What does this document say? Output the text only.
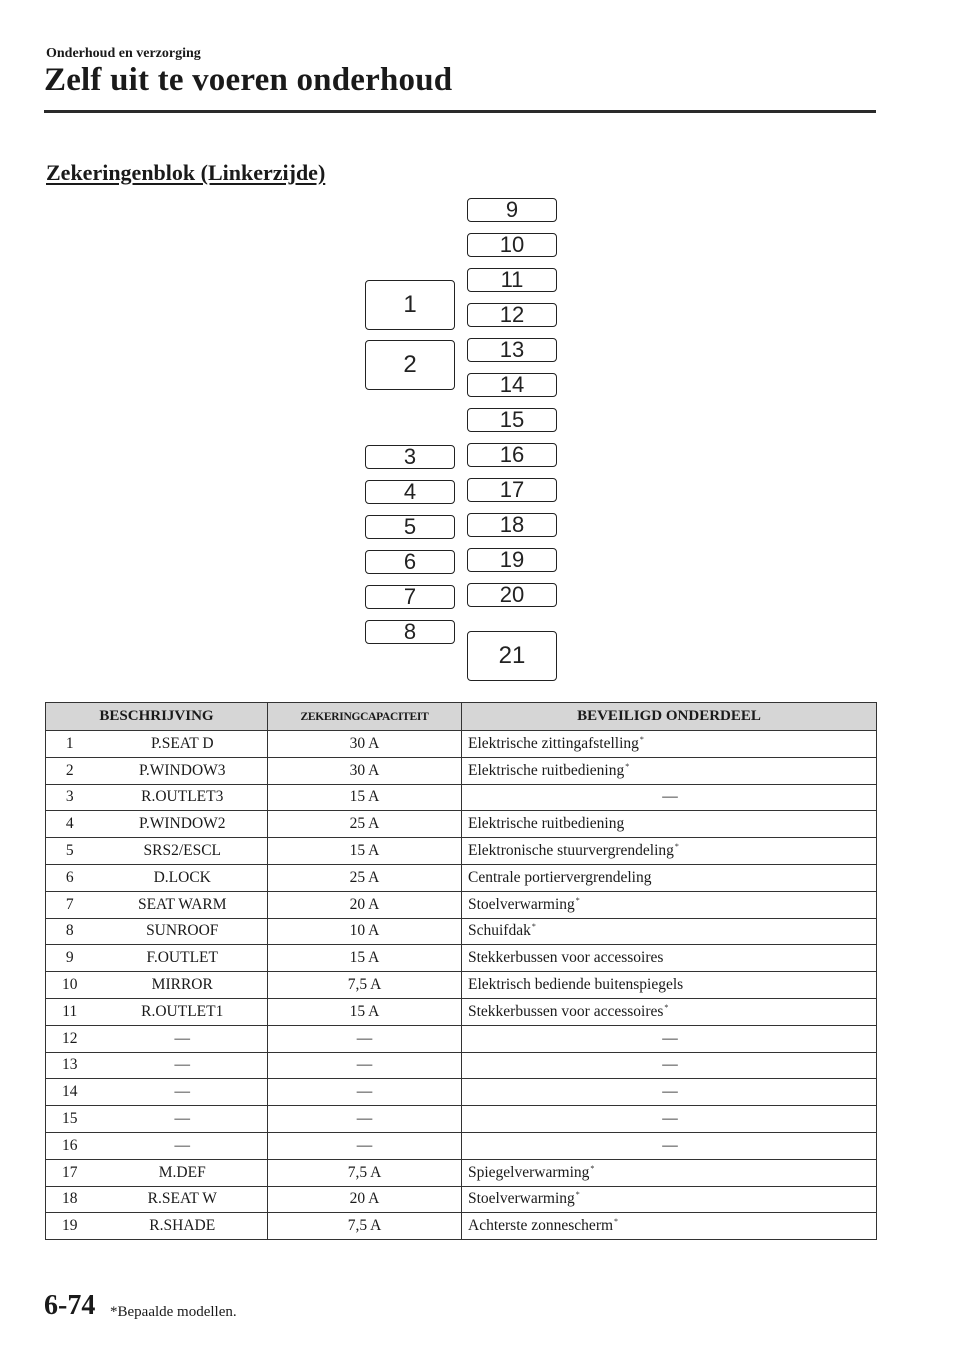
Onderhoud en verzorging
Zelf uit te voeren onderhoud
Zekeringenblok (Linkerzijde)
1
2
3
4
5
6
7
8
9
10
11
12
13
14
15
16
17
18
19
20
21
BESCHRIJVING		ZEKERINGCAPACITEIT	BEVEILIGD ONDERDEEL
1	P.SEAT D	30 A	Elektrische zittingafstelling*
2	P.WINDOW3	30 A	Elektrische ruitbediening*
3	R.OUTLET3	15 A	—
4	P.WINDOW2	25 A	Elektrische ruitbediening
5	SRS2/ESCL	15 A	Elektronische stuurvergrendeling*
6	D.LOCK	25 A	Centrale portiervergrendeling
7	SEAT WARM	20 A	Stoelverwarming*
8	SUNROOF	10 A	Schuifdak*
9	F.OUTLET	15 A	Stekkerbussen voor accessoires
10	MIRROR	7,5 A	Elektrisch bediende buitenspiegels
11	R.OUTLET1	15 A	Stekkerbussen voor accessoires*
12	—	—	—
13	—	—	—
14	—	—	—
15	—	—	—
16	—	—	—
17	M.DEF	7,5 A	Spiegelverwarming*
18	R.SEAT W	20 A	Stoelverwarming*
19	R.SHADE	7,5 A	Achterste zonnescherm*
6-74 *Bepaalde modellen.
